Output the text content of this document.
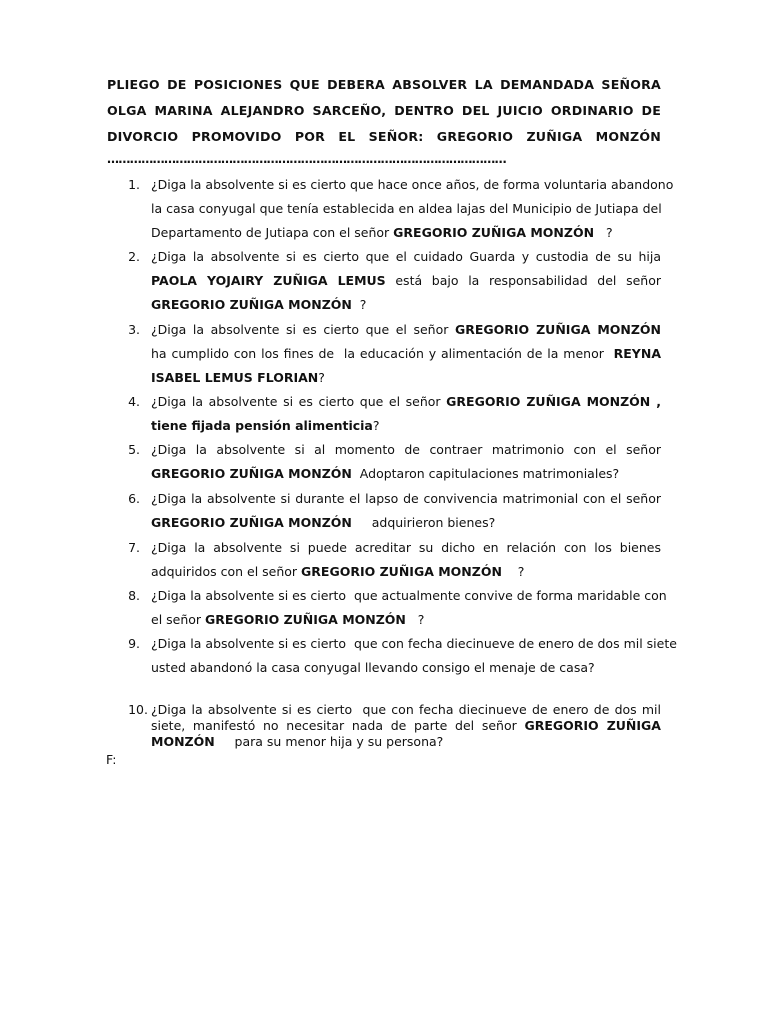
PLIEGO DE POSICIONES QUE DEBERA ABSOLVER LA DEMANDADA SEÑORA
OLGA MARINA ALEJANDRO SARCEÑO, DENTRO DEL JUICIO ORDINARIO DE
DIVORCIO PROMOVIDO POR EL SEÑOR: GREGORIO ZUÑIGA MONZÓN
……………………………………………………………………………………………
1. ¿Diga la absolvente si es cierto que hace once años, de forma voluntaria abandono
la casa conyugal que tenía establecida en aldea lajas del Municipio de Jutiapa del
Departamento de Jutiapa con el señor GREGORIO ZUÑIGA MONZÓN   ?
2. ¿Diga la absolvente si es cierto que el cuidado Guarda y custodia de su hija
PAOLA YOJAIRY ZUÑIGA LEMUS está bajo la responsabilidad del señor
GREGORIO ZUÑIGA MONZÓN  ?
3. ¿Diga la absolvente si es cierto que el señor GREGORIO ZUÑIGA MONZÓN
ha cumplido con los fines de  la educación y alimentación de la menor  REYNA
ISABEL LEMUS FLORIAN?
4. ¿Diga la absolvente si es cierto que el señor GREGORIO ZUÑIGA MONZÓN ,
tiene fijada pensión alimenticia?
5. ¿Diga la absolvente si al momento de contraer matrimonio con el señor
GREGORIO ZUÑIGA MONZÓN  Adoptaron capitulaciones matrimoniales?
6. ¿Diga la absolvente si durante el lapso de convivencia matrimonial con el señor
GREGORIO ZUÑIGA MONZÓN     adquirieron bienes?
7. ¿Diga la absolvente si puede acreditar su dicho en relación con los bienes
adquiridos con el señor GREGORIO ZUÑIGA MONZÓN    ?
8. ¿Diga la absolvente si es cierto  que actualmente convive de forma maridable con
el señor GREGORIO ZUÑIGA MONZÓN   ?
9. ¿Diga la absolvente si es cierto  que con fecha diecinueve de enero de dos mil siete
usted abandonó la casa conyugal llevando consigo el menaje de casa?
10. ¿Diga la absolvente si es cierto  que con fecha diecinueve de enero de dos mil
siete, manifestó no necesitar nada de parte del señor GREGORIO ZUÑIGA
MONZÓN     para su menor hija y su persona?
F:
